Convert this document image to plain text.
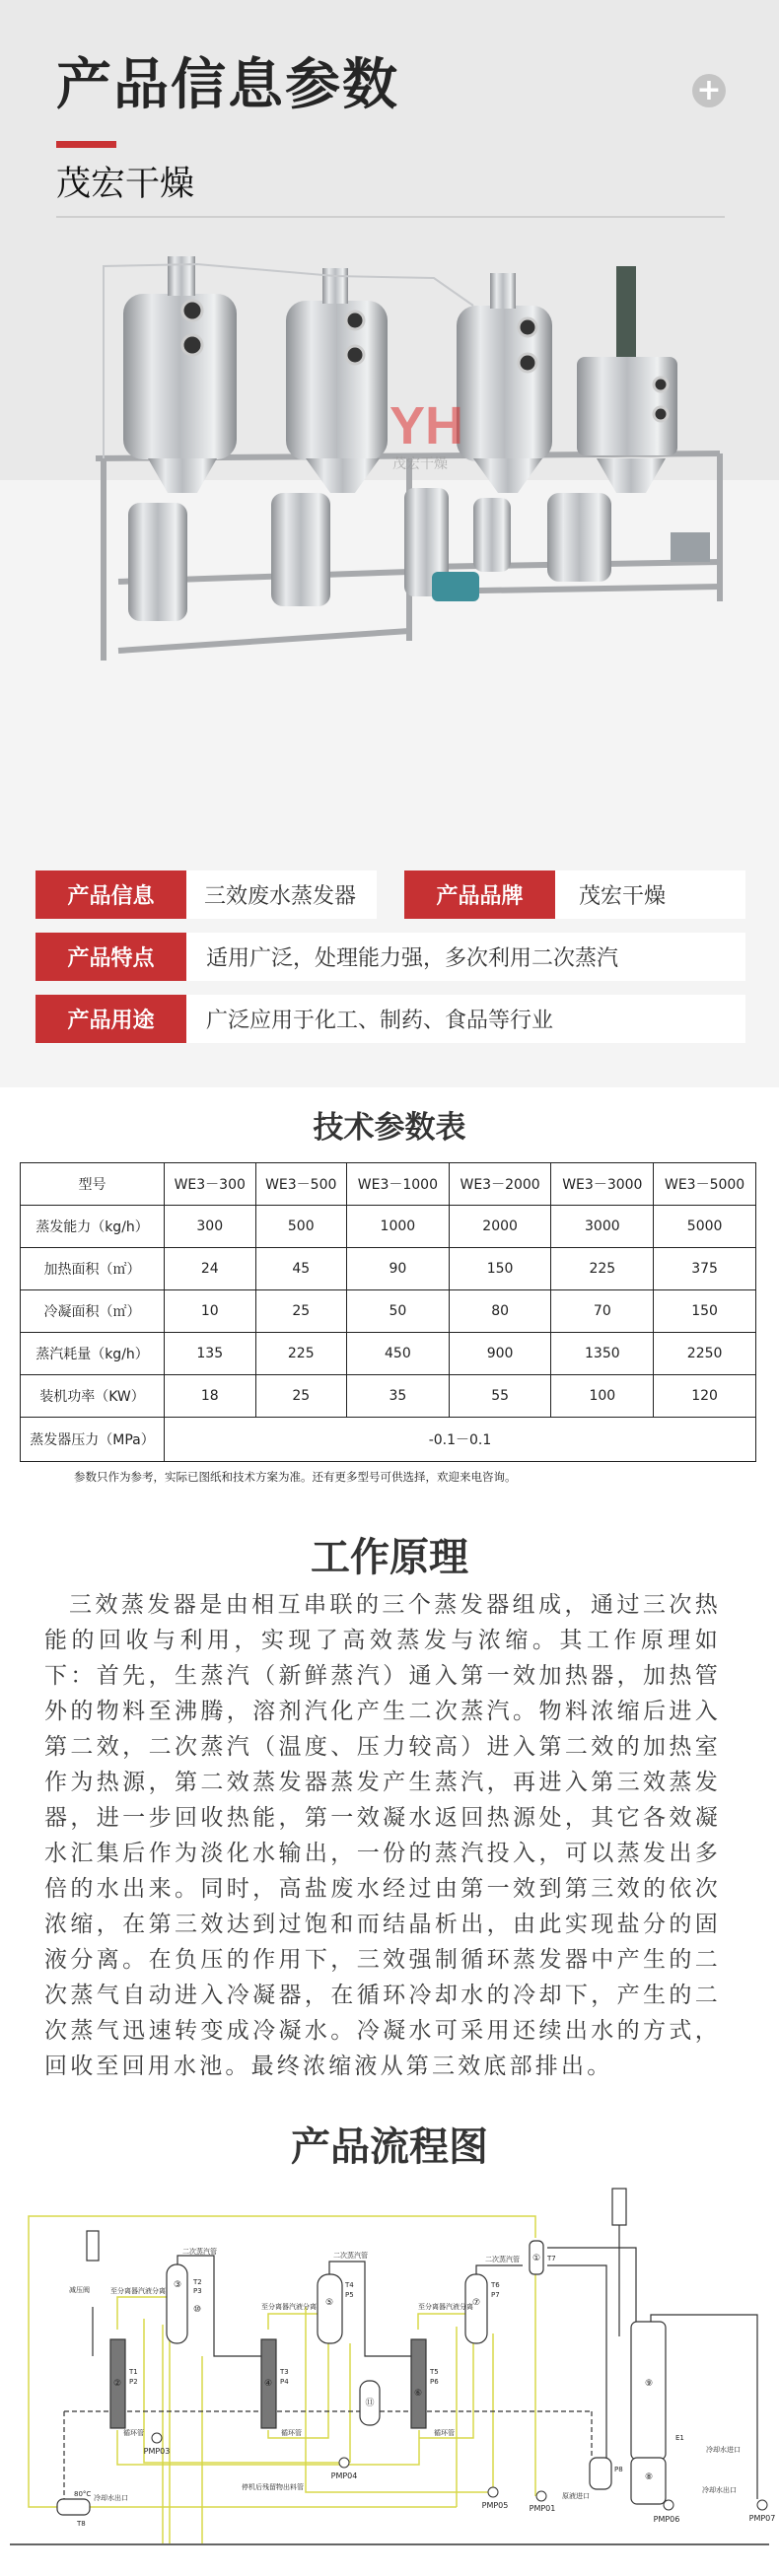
产品信息参数	+
茂宏干燥
YH
茂宏干燥
产品信息	三效废水蒸发器	产品品牌	茂宏干燥
产品特点	适用广泛，处理能力强，多次利用二次蒸汽
产品用途	广泛应用于化工、制药、食品等行业
技术参数表
型号	WE3－300	WE3－500	WE3－1000	WE3－2000	WE3－3000	WE3－5000
蒸发能力（kg/h）	300	500	1000	2000	3000	5000
加热面积（㎡）	24	45	90	150	225	375
冷凝面积（㎡）	10	25	50	80	70	150
蒸汽耗量（kg/h）	135	225	450	900	1350	2250
装机功率（KW）	18	25	35	55	100	120
蒸发器压力（MPa）	-0.1－0.1					
参数只作为参考，实际已图纸和技术方案为准。还有更多型号可供选择，欢迎来电咨询。
工作原理
三效蒸发器是由相互串联的三个蒸发器组成，通过三次热能的回收与利用，实现了高效蒸发与浓缩。其工作原理如下：首先，生蒸汽（新鲜蒸汽）通入第一效加热器，加热管外的物料至沸腾，溶剂汽化产生二次蒸汽。物料浓缩后进入第二效，二次蒸汽（温度、压力较高）进入第二效的加热室作为热源，第二效蒸发器蒸发产生蒸汽，再进入第三效蒸发器，进一步回收热能，第一效凝水返回热源处，其它各效凝水汇集后作为淡化水输出，一份的蒸汽投入，可以蒸发出多倍的水出来。同时，高盐废水经过由第一效到第三效的依次浓缩，在第三效达到过饱和而结晶析出，由此实现盐分的固液分离。在负压的作用下，三效强制循环蒸发器中产生的二次蒸气自动进入冷凝器，在循环冷却水的冷却下，产生的二次蒸气迅速转变成冷凝水。冷凝水可采用还续出水的方式，回收至回用水池。最终浓缩液从第三效底部排出。
产品流程图
①
②
③
④
⑤
⑥
⑦
⑧
⑨
⑩
⑪
二次蒸汽管	二次蒸汽管	二次蒸汽管
至分离器汽液分离
至分离器汽液分离	至分离器汽液分离
减压阀
循环管	循环管	循环管
停机后残留物出料管
80°C 冷却水出口
冷却水进口
冷却水出口
原液进口
T1
P2
T2
P3
T3
P4
T4
P5
T5
P6
T6
P7
T7
P8
T8
E1
PMP01
PMP03
PMP04
PMP05
PMP06	PMP07
